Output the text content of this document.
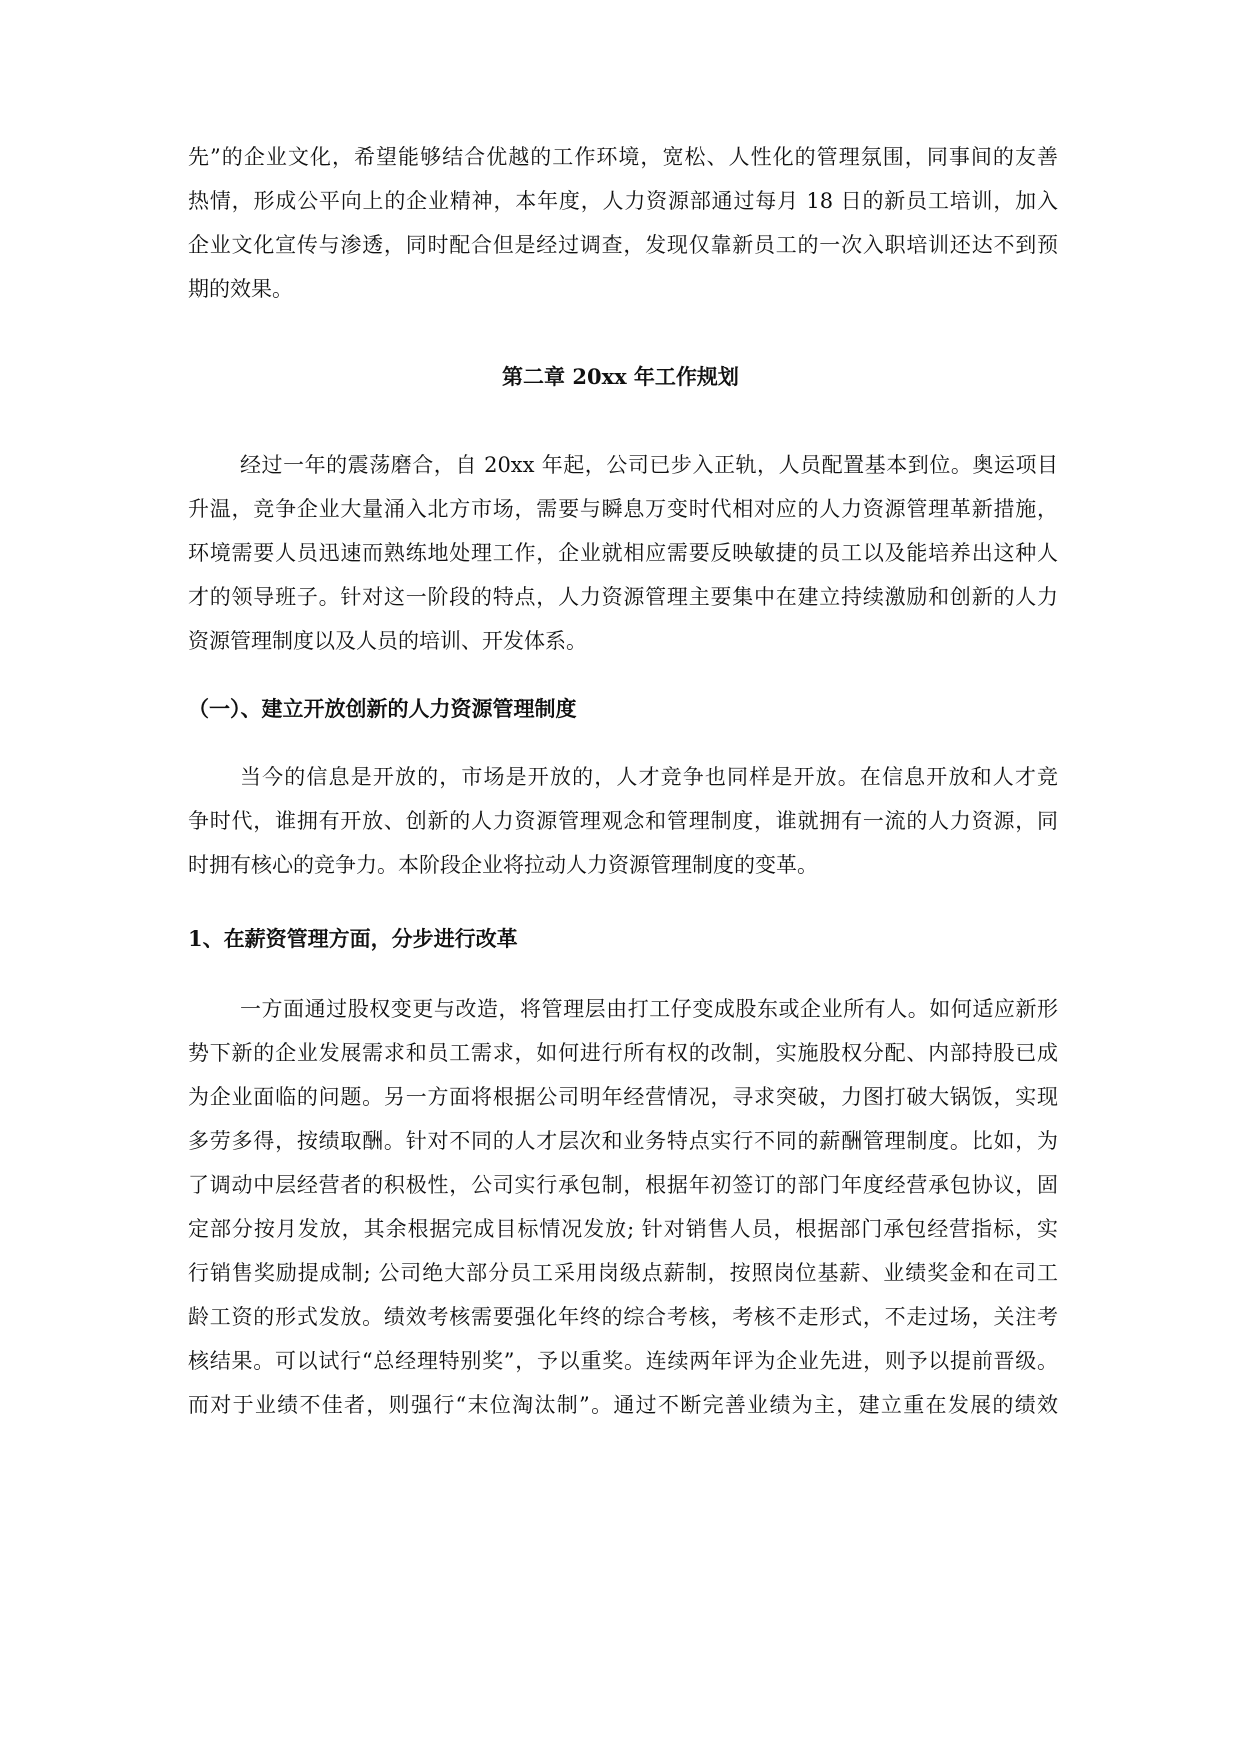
先”的企业文化，希望能够结合优越的工作环境，宽松、人性化的管理氛围，同事间的友善
热情，形成公平向上的企业精神，本年度，人力资源部通过每月 18 日的新员工培训，加入
企业文化宣传与渗透，同时配合但是经过调查，发现仅靠新员工的一次入职培训还达不到预
期的效果。
第二章 20xx 年工作规划
经过一年的震荡磨合，自 20xx 年起，公司已步入正轨，人员配置基本到位。奥运项目
升温，竞争企业大量涌入北方市场，需要与瞬息万变时代相对应的人力资源管理革新措施，
环境需要人员迅速而熟练地处理工作，企业就相应需要反映敏捷的员工以及能培养出这种人
才的领导班子。针对这一阶段的特点，人力资源管理主要集中在建立持续激励和创新的人力
资源管理制度以及人员的培训、开发体系。
（一）、建立开放创新的人力资源管理制度
当今的信息是开放的，市场是开放的，人才竞争也同样是开放。在信息开放和人才竞
争时代，谁拥有开放、创新的人力资源管理观念和管理制度，谁就拥有一流的人力资源，同
时拥有核心的竞争力。本阶段企业将拉动人力资源管理制度的变革。
1、在薪资管理方面，分步进行改革
一方面通过股权变更与改造，将管理层由打工仔变成股东或企业所有人。如何适应新形
势下新的企业发展需求和员工需求，如何进行所有权的改制，实施股权分配、内部持股已成
为企业面临的问题。另一方面将根据公司明年经营情况，寻求突破，力图打破大锅饭，实现
多劳多得，按绩取酬。针对不同的人才层次和业务特点实行不同的薪酬管理制度。比如，为
了调动中层经营者的积极性，公司实行承包制，根据年初签订的部门年度经营承包协议，固
定部分按月发放，其余根据完成目标情况发放; 针对销售人员，根据部门承包经营指标，实
行销售奖励提成制; 公司绝大部分员工采用岗级点薪制，按照岗位基薪、业绩奖金和在司工
龄工资的形式发放。绩效考核需要强化年终的综合考核，考核不走形式，不走过场，关注考
核结果。可以试行“总经理特别奖”，予以重奖。连续两年评为企业先进，则予以提前晋级。
而对于业绩不佳者，则强行“末位淘汰制”。通过不断完善业绩为主，建立重在发展的绩效
